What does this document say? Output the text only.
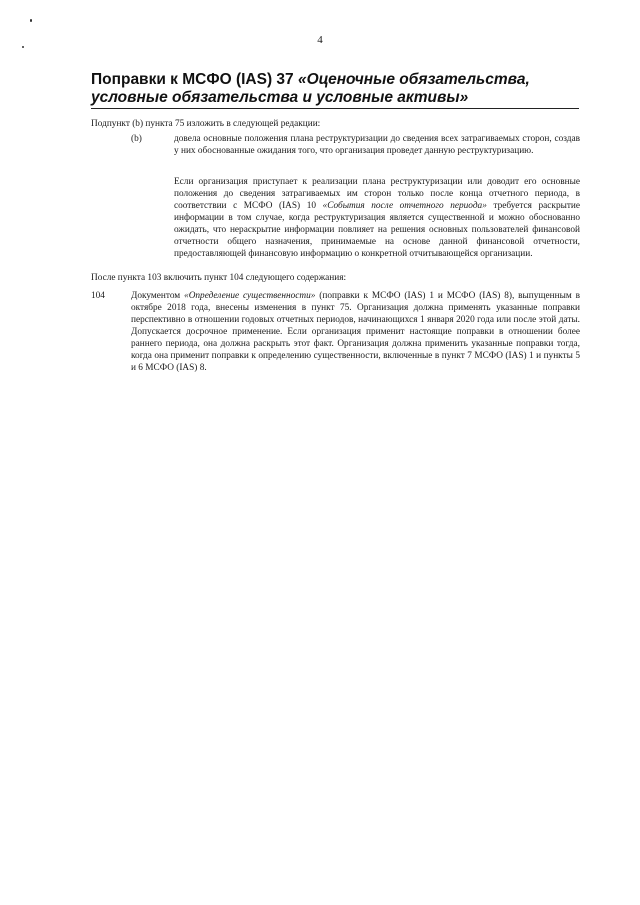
4
Поправки к МСФО (IAS) 37 «Оценочные обязательства, условные обязательства и условные активы»
Подпункт (b) пункта 75 изложить в следующей редакции:
(b)	довела основные положения плана реструктуризации до сведения всех затрагиваемых сторон, создав у них обоснованные ожидания того, что организация проведет данную реструктуризацию.
Если организация приступает к реализации плана реструктуризации или доводит его основные положения до сведения затрагиваемых им сторон только после конца отчетного периода, в соответствии с МСФО (IAS) 10 «События после отчетного периода» требуется раскрытие информации в том случае, когда реструктуризация является существенной и можно обоснованно ожидать, что нераскрытие информации повлияет на решения основных пользователей финансовой отчетности общего назначения, принимаемые на основе данной финансовой отчетности, предоставляющей финансовую информацию о конкретной отчитывающейся организации.
После пункта 103 включить пункт 104 следующего содержания:
104	Документом «Определение существенности» (поправки к МСФО (IAS) 1 и МСФО (IAS) 8), выпущенным в октябре 2018 года, внесены изменения в пункт 75. Организация должна применять указанные поправки перспективно в отношении годовых отчетных периодов, начинающихся 1 января 2020 года или после этой даты. Допускается досрочное применение. Если организация применит настоящие поправки в отношении более раннего периода, она должна раскрыть этот факт. Организация должна применить указанные поправки тогда, когда она применит поправки к определению существенности, включенные в пункт 7 МСФО (IAS) 1 и пункты 5 и 6 МСФО (IAS) 8.
